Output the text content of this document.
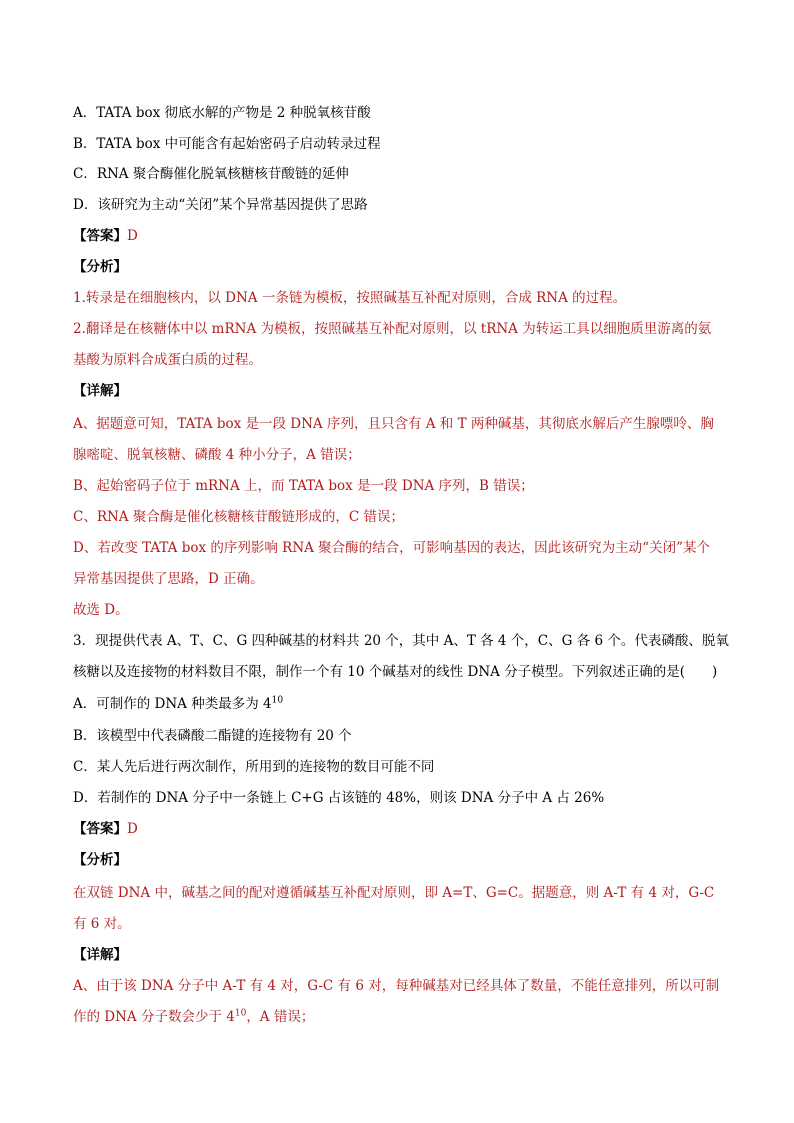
A．TATA box 彻底水解的产物是 2 种脱氧核苷酸
B．TATA box 中可能含有起始密码子启动转录过程
C．RNA 聚合酶催化脱氧核糖核苷酸链的延伸
D．该研究为主动“关闭”某个异常基因提供了思路
【答案】D
【分析】
1.转录是在细胞核内，以 DNA 一条链为模板，按照碱基互补配对原则，合成 RNA 的过程。
2.翻译是在核糖体中以 mRNA 为模板，按照碱基互补配对原则，以 tRNA 为转运工具以细胞质里游离的氨
基酸为原料合成蛋白质的过程。
【详解】
A、据题意可知，TATA box 是一段 DNA 序列，且只含有 A 和 T 两种碱基，其彻底水解后产生腺嘌呤、胸
腺嘧啶、脱氧核糖、磷酸 4 种小分子，A 错误；
B、起始密码子位于 mRNA 上，而 TATA box 是一段 DNA 序列，B 错误；
C、RNA 聚合酶是催化核糖核苷酸链形成的，C 错误；
D、若改变 TATA box 的序列影响 RNA 聚合酶的结合，可影响基因的表达，因此该研究为主动“关闭”某个
异常基因提供了思路，D 正确。
故选 D。
3．现提供代表 A、T、C、G 四种碱基的材料共 20 个，其中 A、T 各 4 个，C、G 各 6 个。代表磷酸、脱氧
核糖以及连接物的材料数目不限，制作一个有 10 个碱基对的线性 DNA 分子模型。下列叙述正确的是(　　)
A．可制作的 DNA 种类最多为 $4^{10}$
B．该模型中代表磷酸二酯键的连接物有 20 个
C．某人先后进行两次制作，所用到的连接物的数目可能不同
D．若制作的 DNA 分子中一条链上 C+G 占该链的 48%，则该 DNA 分子中 A 占 26%
【答案】D
【分析】
在双链 DNA 中，碱基之间的配对遵循碱基互补配对原则，即 A=T、G=C。据题意，则 A-T 有 4 对，G-C
有 6 对。
【详解】
A、由于该 DNA 分子中 A-T 有 4 对，G-C 有 6 对，每种碱基对已经具体了数量，不能任意排列，所以可制
作的 DNA 分子数会少于 $4^{10}$，A 错误；
